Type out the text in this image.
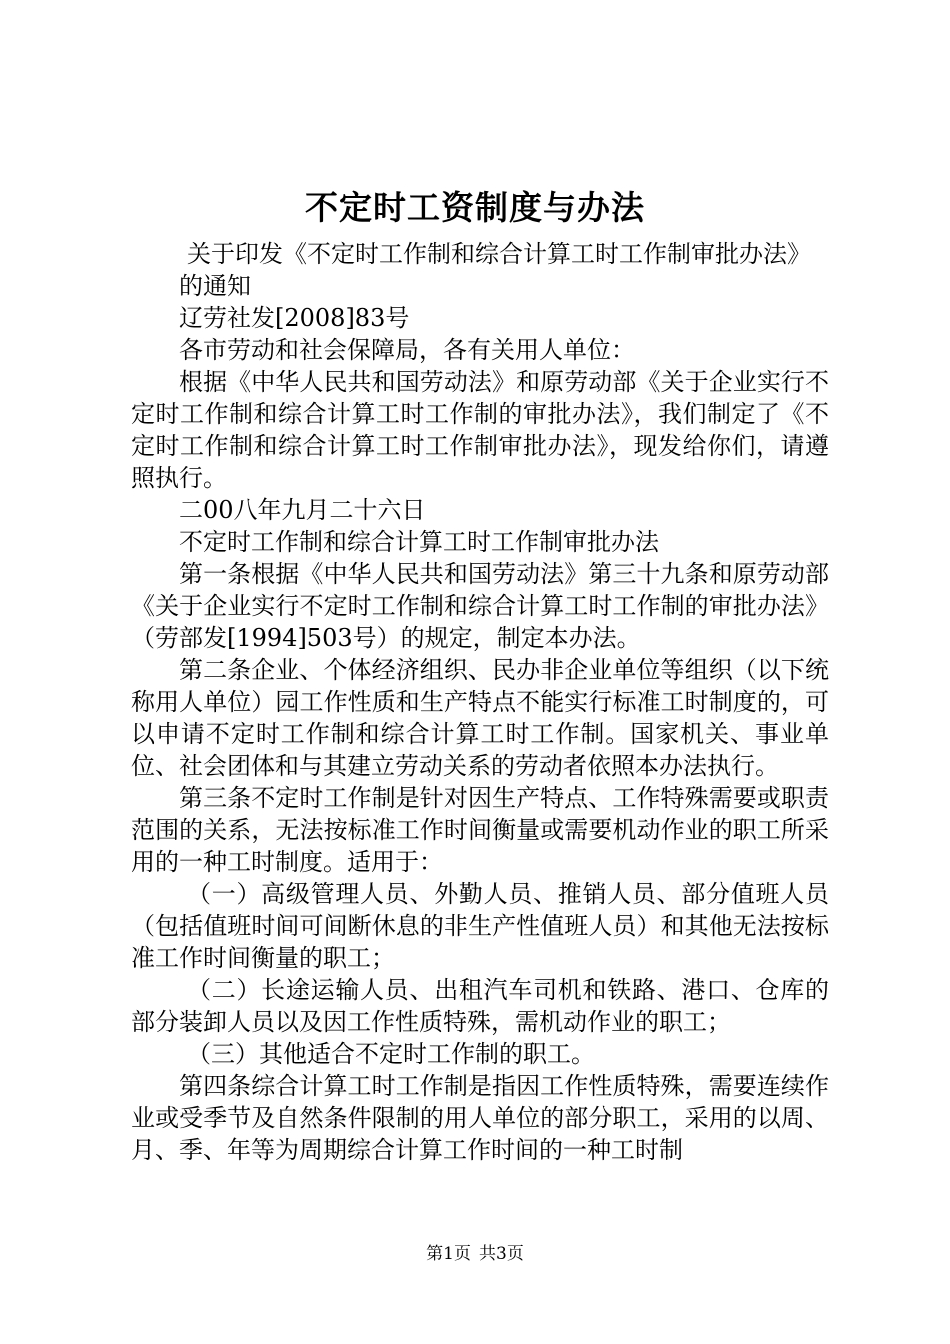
不定时工资制度与办法

关于印发《不定时工作制和综合计算工时工作制审批办法》

的通知

辽劳社发[2008]83号

各市劳动和社会保障局，各有关用人单位：

根据《中华人民共和国劳动法》和原劳动部《关于企业实行不定时工作制和综合计算工时工作制的审批办法》，我们制定了《不定时工作制和综合计算工时工作制审批办法》，现发给你们，请遵照执行。

二00八年九月二十六日

不定时工作制和综合计算工时工作制审批办法

第一条根据《中华人民共和国劳动法》第三十九条和原劳动部《关于企业实行不定时工作制和综合计算工时工作制的审批办法》（劳部发[1994]503号）的规定，制定本办法。

第二条企业、个体经济组织、民办非企业单位等组织（以下统称用人单位）园工作性质和生产特点不能实行标准工时制度的，可以申请不定时工作制和综合计算工时工作制。国家机关、事业单位、社会团体和与其建立劳动关系的劳动者依照本办法执行。

第三条不定时工作制是针对因生产特点、工作特殊需要或职责范围的关系，无法按标准工作时间衡量或需要机动作业的职工所采用的一种工时制度。适用于：

（一）高级管理人员、外勤人员、推销人员、部分值班人员（包括值班时间可间断休息的非生产性值班人员）和其他无法按标准工作时间衡量的职工；

（二）长途运输人员、出租汽车司机和铁路、港口、仓库的部分装卸人员以及因工作性质特殊，需机动作业的职工；

（三）其他适合不定时工作制的职工。

第四条综合计算工时工作制是指因工作性质特殊，需要连续作业或受季节及自然条件限制的用人单位的部分职工，采用的以周、月、季、年等为周期综合计算工作时间的一种工时制

第1页 共3页
